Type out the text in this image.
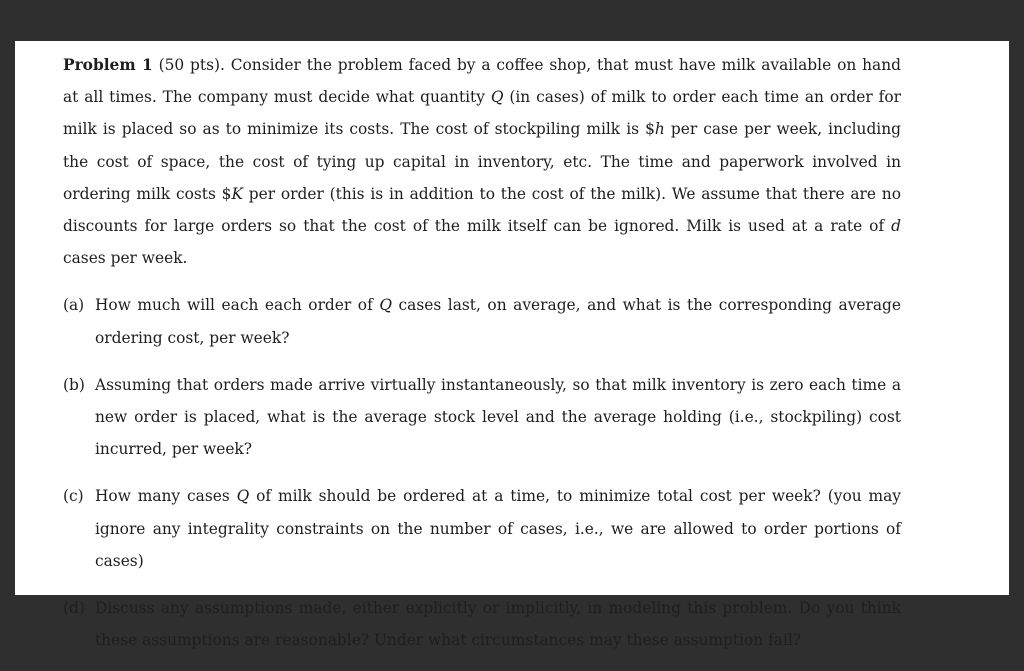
Problem 1 (50 pts). Consider the problem faced by a coffee shop, that must have milk available on hand at all times. The company must decide what quantity Q (in cases) of milk to order each time an order for milk is placed so as to minimize its costs. The cost of stockpiling milk is $h per case per week, including the cost of space, the cost of tying up capital in inventory, etc. The time and paperwork involved in ordering milk costs $K per order (this is in addition to the cost of the milk). We assume that there are no discounts for large orders so that the cost of the milk itself can be ignored. Milk is used at a rate of d cases per week.

(a) How much will each each order of Q cases last, on average, and what is the corresponding average ordering cost, per week?
(b) Assuming that orders made arrive virtually instantaneously, so that milk inventory is zero each time a new order is placed, what is the average stock level and the average holding (i.e., stockpiling) cost incurred, per week?
(c) How many cases Q of milk should be ordered at a time, to minimize total cost per week? (you may ignore any integrality constraints on the number of cases, i.e., we are allowed to order portions of cases)
(d) Discuss any assumptions made, either explicitly or implicitly, in modeling this problem. Do you think these assumptions are reasonable? Under what circumstances may these assumption fail?
